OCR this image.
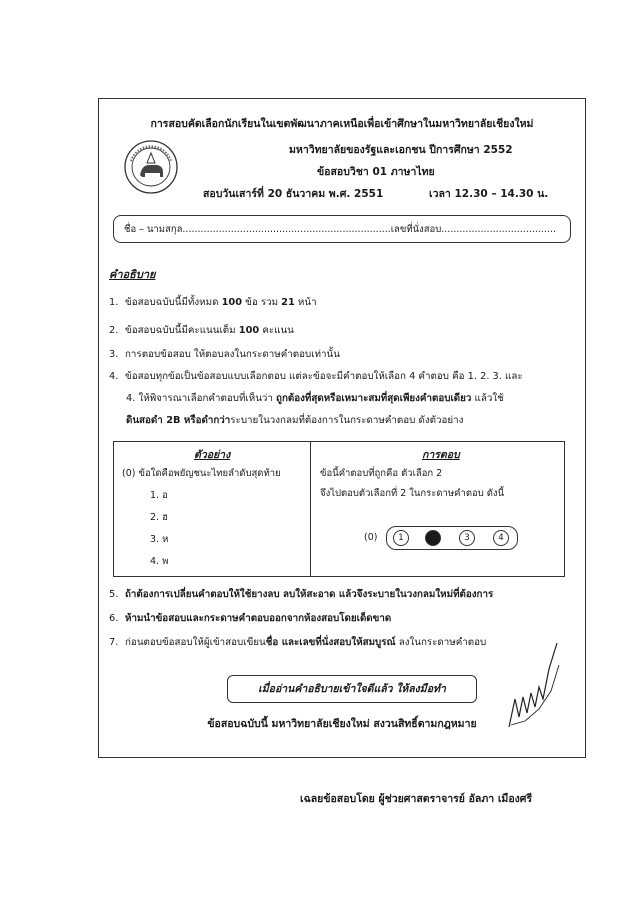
การสอบคัดเลือกนักเรียนในเขตพัฒนาภาคเหนือเพื่อเข้าศึกษาในมหาวิทยาลัยเชียงใหม่
มหาวิทยาลัยของรัฐและเอกชน ปีการศึกษา 2552
ข้อสอบวิชา 01 ภาษาไทย
สอบวันเสาร์ที่ 20 ธันวาคม พ.ศ. 2551	เวลา 12.30 – 14.30 น.
ชื่อ – นามสกุล.....................................................................เลขที่นั่งสอบ......................................
คำอธิบาย
1. ข้อสอบฉบับนี้มีทั้งหมด 100 ข้อ รวม 21 หน้า
2. ข้อสอบฉบับนี้มีคะแนนเต็ม 100 คะแนน
3. การตอบข้อสอบ ให้ตอบลงในกระดาษคำตอบเท่านั้น
4. ข้อสอบทุกข้อเป็นข้อสอบแบบเลือกตอบ แต่ละข้อจะมีคำตอบให้เลือก 4 คำตอบ คือ 1. 2. 3. และ
4. ให้พิจารณาเลือกคำตอบที่เห็นว่า ถูกต้องที่สุดหรือเหมาะสมที่สุดเพียงคำตอบเดียว แล้วใช้
ดินสอดำ 2B หรือดำกว่าระบายในวงกลมที่ต้องการในกระดาษคำตอบ ดังตัวอย่าง
ตัวอย่าง
(0) ข้อใดคือพยัญชนะไทยลำดับสุดท้าย
1. อ
2. ฮ
3. ห
4. พ
การตอบ
ข้อนี้คำตอบที่ถูกคือ ตัวเลือก 2
จึงไปตอบตัวเลือกที่ 2 ในกระดาษคำตอบ ดังนี้
(0)	1	3	4
5. ถ้าต้องการเปลี่ยนคำตอบให้ใช้ยางลบ ลบให้สะอาด แล้วจึงระบายในวงกลมใหม่ที่ต้องการ
6. ห้ามนำข้อสอบและกระดาษคำตอบออกจากห้องสอบโดยเด็ดขาด
7. ก่อนตอบข้อสอบให้ผู้เข้าสอบเขียนชื่อ และเลขที่นั่งสอบให้สมบูรณ์ ลงในกระดาษคำตอบ
เมื่ออ่านคำอธิบายเข้าใจดีแล้ว ให้ลงมือทำ
ข้อสอบฉบับนี้ มหาวิทยาลัยเชียงใหม่ สงวนสิทธิ์ตามกฎหมาย
เฉลยข้อสอบโดย ผู้ช่วยศาสตราจารย์ อัลภา เมืองศรี
